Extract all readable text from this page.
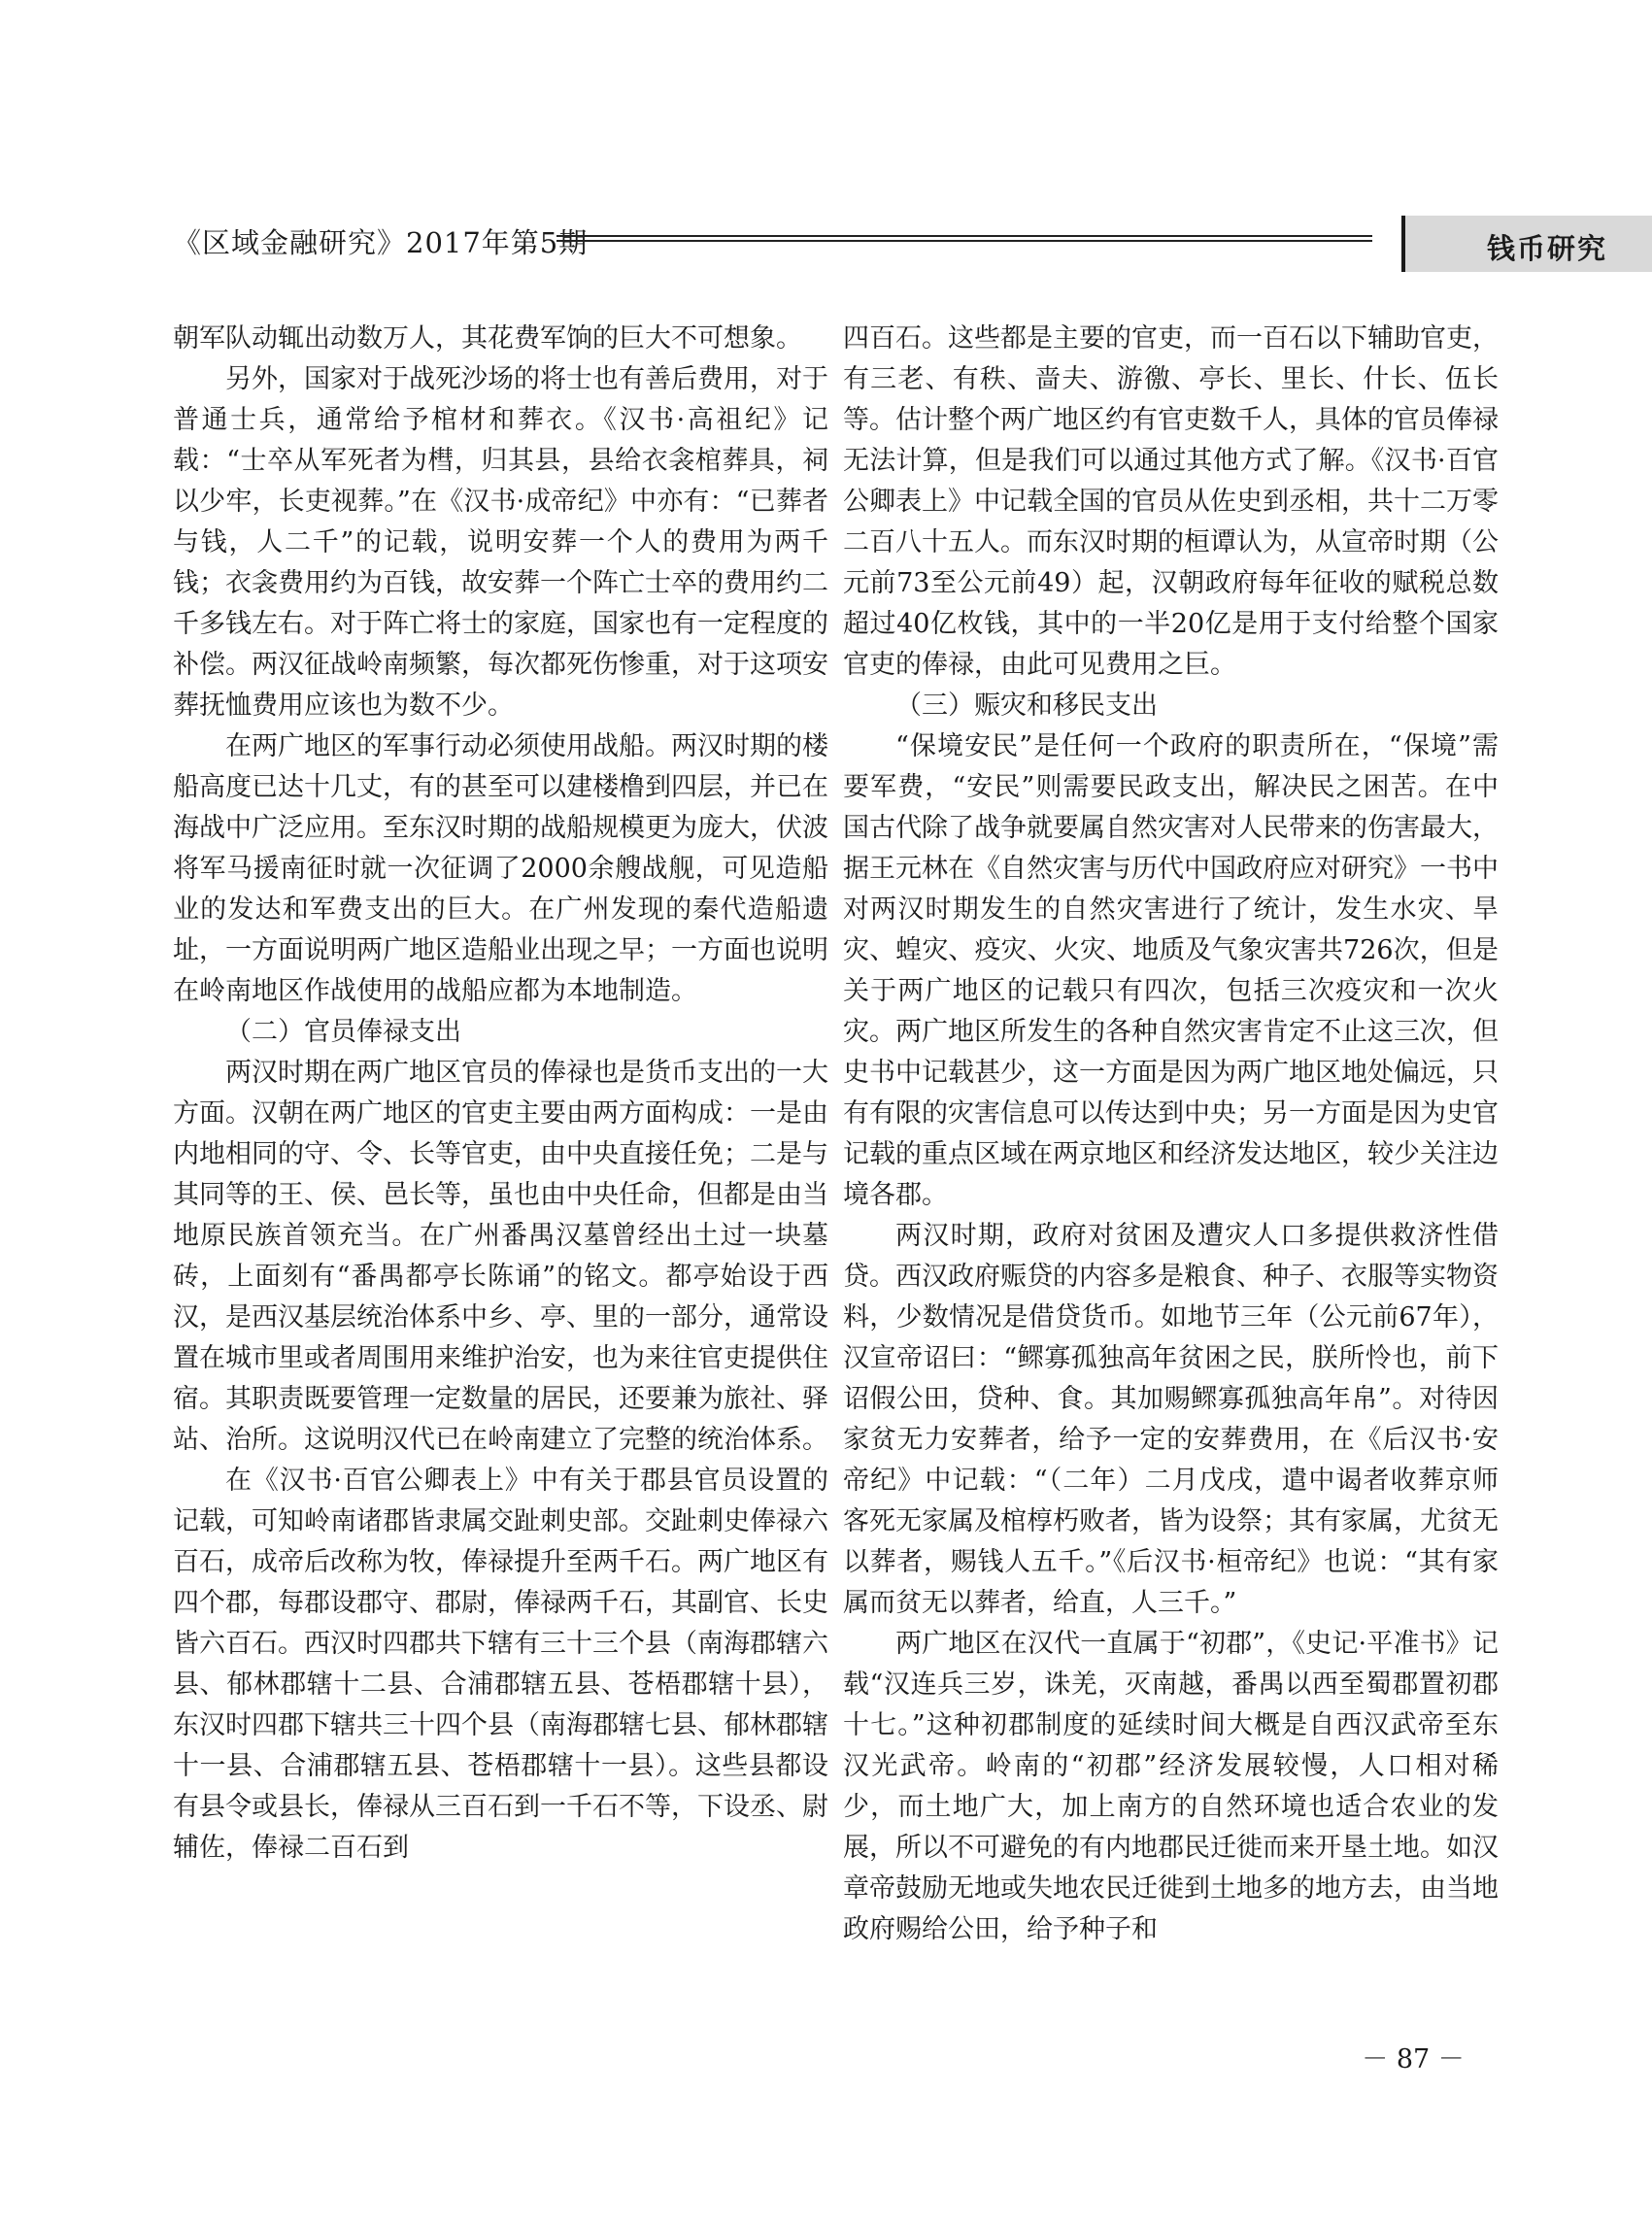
《区域金融研究》2017年第5期	钱币研究

朝军队动辄出动数万人，其花费军饷的巨大不可想象。

另外，国家对于战死沙场的将士也有善后费用，对于普通士兵，通常给予棺材和葬衣。《汉书·高祖纪》记载：“士卒从军死者为槥，归其县，县给衣衾棺葬具，祠以少牢，长吏视葬。”在《汉书·成帝纪》中亦有：“已葬者与钱，人二千”的记载，说明安葬一个人的费用为两千钱；衣衾费用约为百钱，故安葬一个阵亡士卒的费用约二千多钱左右。对于阵亡将士的家庭，国家也有一定程度的补偿。两汉征战岭南频繁，每次都死伤惨重，对于这项安葬抚恤费用应该也为数不少。

在两广地区的军事行动必须使用战船。两汉时期的楼船高度已达十几丈，有的甚至可以建楼橹到四层，并已在海战中广泛应用。至东汉时期的战船规模更为庞大，伏波将军马援南征时就一次征调了2000余艘战舰，可见造船业的发达和军费支出的巨大。在广州发现的秦代造船遗址，一方面说明两广地区造船业出现之早；一方面也说明在岭南地区作战使用的战船应都为本地制造。

（二）官员俸禄支出

两汉时期在两广地区官员的俸禄也是货币支出的一大方面。汉朝在两广地区的官吏主要由两方面构成：一是由内地相同的守、令、长等官吏，由中央直接任免；二是与其同等的王、侯、邑长等，虽也由中央任命，但都是由当地原民族首领充当。在广州番禺汉墓曾经出土过一块墓砖，上面刻有“番禺都亭长陈诵”的铭文。都亭始设于西汉，是西汉基层统治体系中乡、亭、里的一部分，通常设置在城市里或者周围用来维护治安，也为来往官吏提供住宿。其职责既要管理一定数量的居民，还要兼为旅社、驿站、治所。这说明汉代已在岭南建立了完整的统治体系。

在《汉书·百官公卿表上》中有关于郡县官员设置的记载，可知岭南诸郡皆隶属交趾刺史部。交趾刺史俸禄六百石，成帝后改称为牧，俸禄提升至两千石。两广地区有四个郡，每郡设郡守、郡尉，俸禄两千石，其副官、长史皆六百石。西汉时四郡共下辖有三十三个县（南海郡辖六县、郁林郡辖十二县、合浦郡辖五县、苍梧郡辖十县），东汉时四郡下辖共三十四个县（南海郡辖七县、郁林郡辖十一县、合浦郡辖五县、苍梧郡辖十一县）。这些县都设有县令或县长，俸禄从三百石到一千石不等，下设丞、尉辅佐，俸禄二百石到

四百石。这些都是主要的官吏，而一百石以下辅助官吏，有三老、有秩、啬夫、游徼、亭长、里长、什长、伍长等。估计整个两广地区约有官吏数千人，具体的官员俸禄无法计算，但是我们可以通过其他方式了解。《汉书·百官公卿表上》中记载全国的官员从佐史到丞相，共十二万零二百八十五人。而东汉时期的桓谭认为，从宣帝时期（公元前73至公元前49）起，汉朝政府每年征收的赋税总数超过40亿枚钱，其中的一半20亿是用于支付给整个国家官吏的俸禄，由此可见费用之巨。

（三）赈灾和移民支出

“保境安民”是任何一个政府的职责所在，“保境”需要军费，“安民”则需要民政支出，解决民之困苦。在中国古代除了战争就要属自然灾害对人民带来的伤害最大，据王元林在《自然灾害与历代中国政府应对研究》一书中对两汉时期发生的自然灾害进行了统计，发生水灾、旱灾、蝗灾、疫灾、火灾、地质及气象灾害共726次，但是关于两广地区的记载只有四次，包括三次疫灾和一次火灾。两广地区所发生的各种自然灾害肯定不止这三次，但史书中记载甚少，这一方面是因为两广地区地处偏远，只有有限的灾害信息可以传达到中央；另一方面是因为史官记载的重点区域在两京地区和经济发达地区，较少关注边境各郡。

两汉时期，政府对贫困及遭灾人口多提供救济性借贷。西汉政府赈贷的内容多是粮食、种子、衣服等实物资料，少数情况是借贷货币。如地节三年（公元前67年），汉宣帝诏曰：“鳏寡孤独高年贫困之民，朕所怜也，前下诏假公田，贷种、食。其加赐鳏寡孤独高年帛”。对待因家贫无力安葬者，给予一定的安葬费用，在《后汉书·安帝纪》中记载：“（二年）二月戊戌，遣中谒者收葬京师客死无家属及棺椁朽败者，皆为设祭；其有家属，尤贫无以葬者，赐钱人五千。”《后汉书·桓帝纪》也说：“其有家属而贫无以葬者，给直，人三千。”

两广地区在汉代一直属于“初郡”，《史记·平准书》记载“汉连兵三岁，诛羌，灭南越，番禺以西至蜀郡置初郡十七。”这种初郡制度的延续时间大概是自西汉武帝至东汉光武帝。岭南的“初郡”经济发展较慢，人口相对稀少，而土地广大，加上南方的自然环境也适合农业的发展，所以不可避免的有内地郡民迁徙而来开垦土地。如汉章帝鼓励无地或失地农民迁徙到土地多的地方去，由当地政府赐给公田，给予种子和

－ 87 －
